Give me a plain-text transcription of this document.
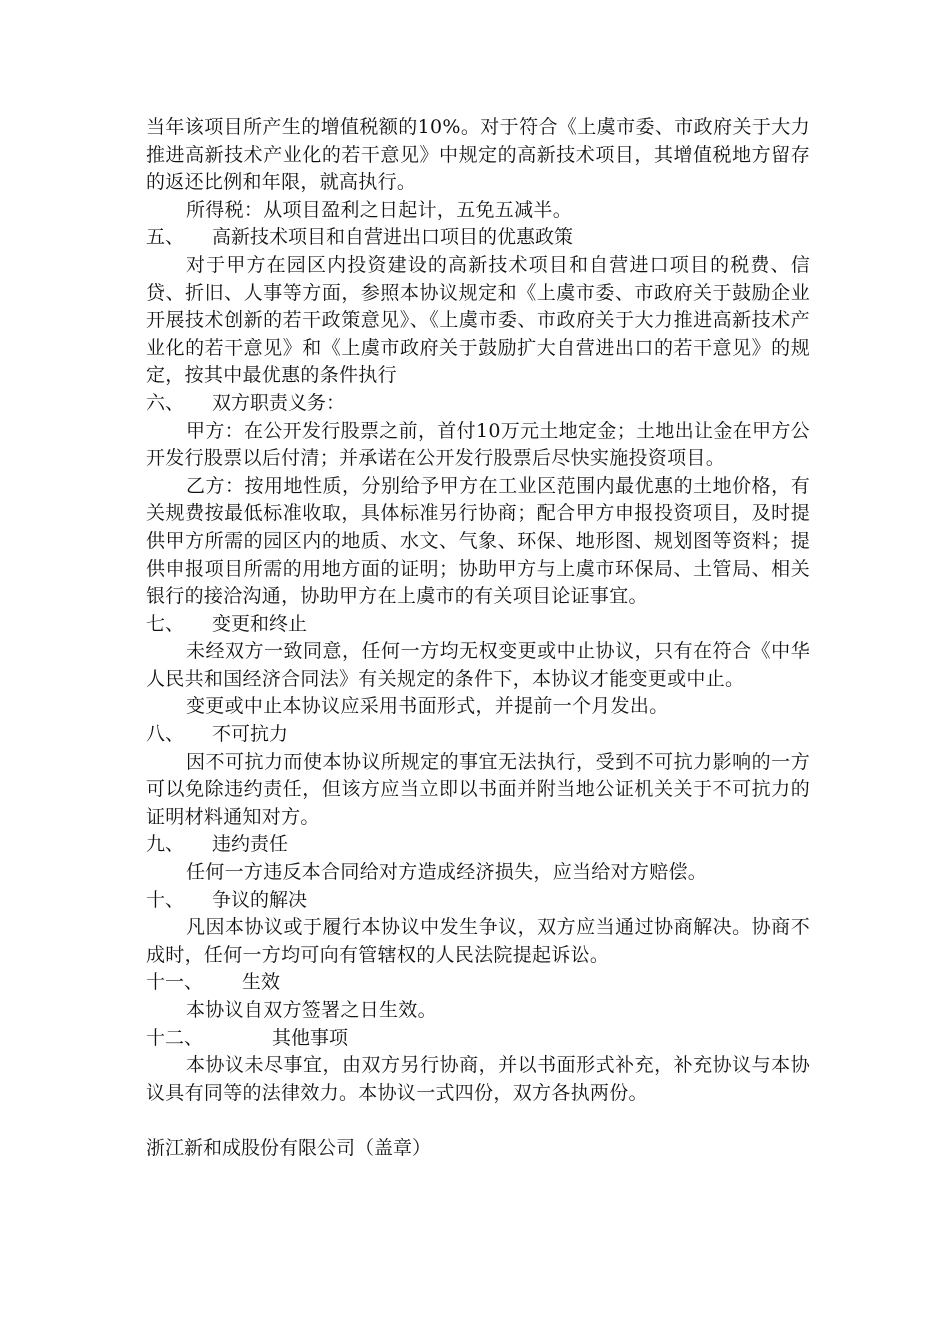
当年该项目所产生的增值税额的10%。对于符合《上虞市委、市政府关于大力推进高新技术产业化的若干意见》中规定的高新技术项目，其增值税地方留存的返还比例和年限，就高执行。

所得税：从项目盈利之日起计，五免五减半。

五、 高新技术项目和自营进出口项目的优惠政策

对于甲方在园区内投资建设的高新技术项目和自营进口项目的税费、信贷、折旧、人事等方面，参照本协议规定和《上虞市委、市政府关于鼓励企业开展技术创新的若干政策意见》、《上虞市委、市政府关于大力推进高新技术产业化的若干意见》和《上虞市政府关于鼓励扩大自营进出口的若干意见》的规定，按其中最优惠的条件执行

六、 双方职责义务：

甲方：在公开发行股票之前，首付10万元土地定金；土地出让金在甲方公开发行股票以后付清；并承诺在公开发行股票后尽快实施投资项目。

乙方：按用地性质，分别给予甲方在工业区范围内最优惠的土地价格，有关规费按最低标准收取，具体标准另行协商；配合甲方申报投资项目，及时提供甲方所需的园区内的地质、水文、气象、环保、地形图、规划图等资料；提供申报项目所需的用地方面的证明；协助甲方与上虞市环保局、土管局、相关银行的接洽沟通，协助甲方在上虞市的有关项目论证事宜。

七、 变更和终止

未经双方一致同意，任何一方均无权变更或中止协议，只有在符合《中华人民共和国经济合同法》有关规定的条件下，本协议才能变更或中止。

变更或中止本协议应采用书面形式，并提前一个月发出。

八、 不可抗力

因不可抗力而使本协议所规定的事宜无法执行，受到不可抗力影响的一方可以免除违约责任，但该方应当立即以书面并附当地公证机关关于不可抗力的证明材料通知对方。

九、 违约责任

任何一方违反本合同给对方造成经济损失，应当给对方赔偿。

十、 争议的解决

凡因本协议或于履行本协议中发生争议，双方应当通过协商解决。协商不成时，任何一方均可向有管辖权的人民法院提起诉讼。

十一、 生效

本协议自双方签署之日生效。

十二、	其他事项

本协议未尽事宜，由双方另行协商，并以书面形式补充，补充协议与本协议具有同等的法律效力。本协议一式四份，双方各执两份。

浙江新和成股份有限公司（盖章）
